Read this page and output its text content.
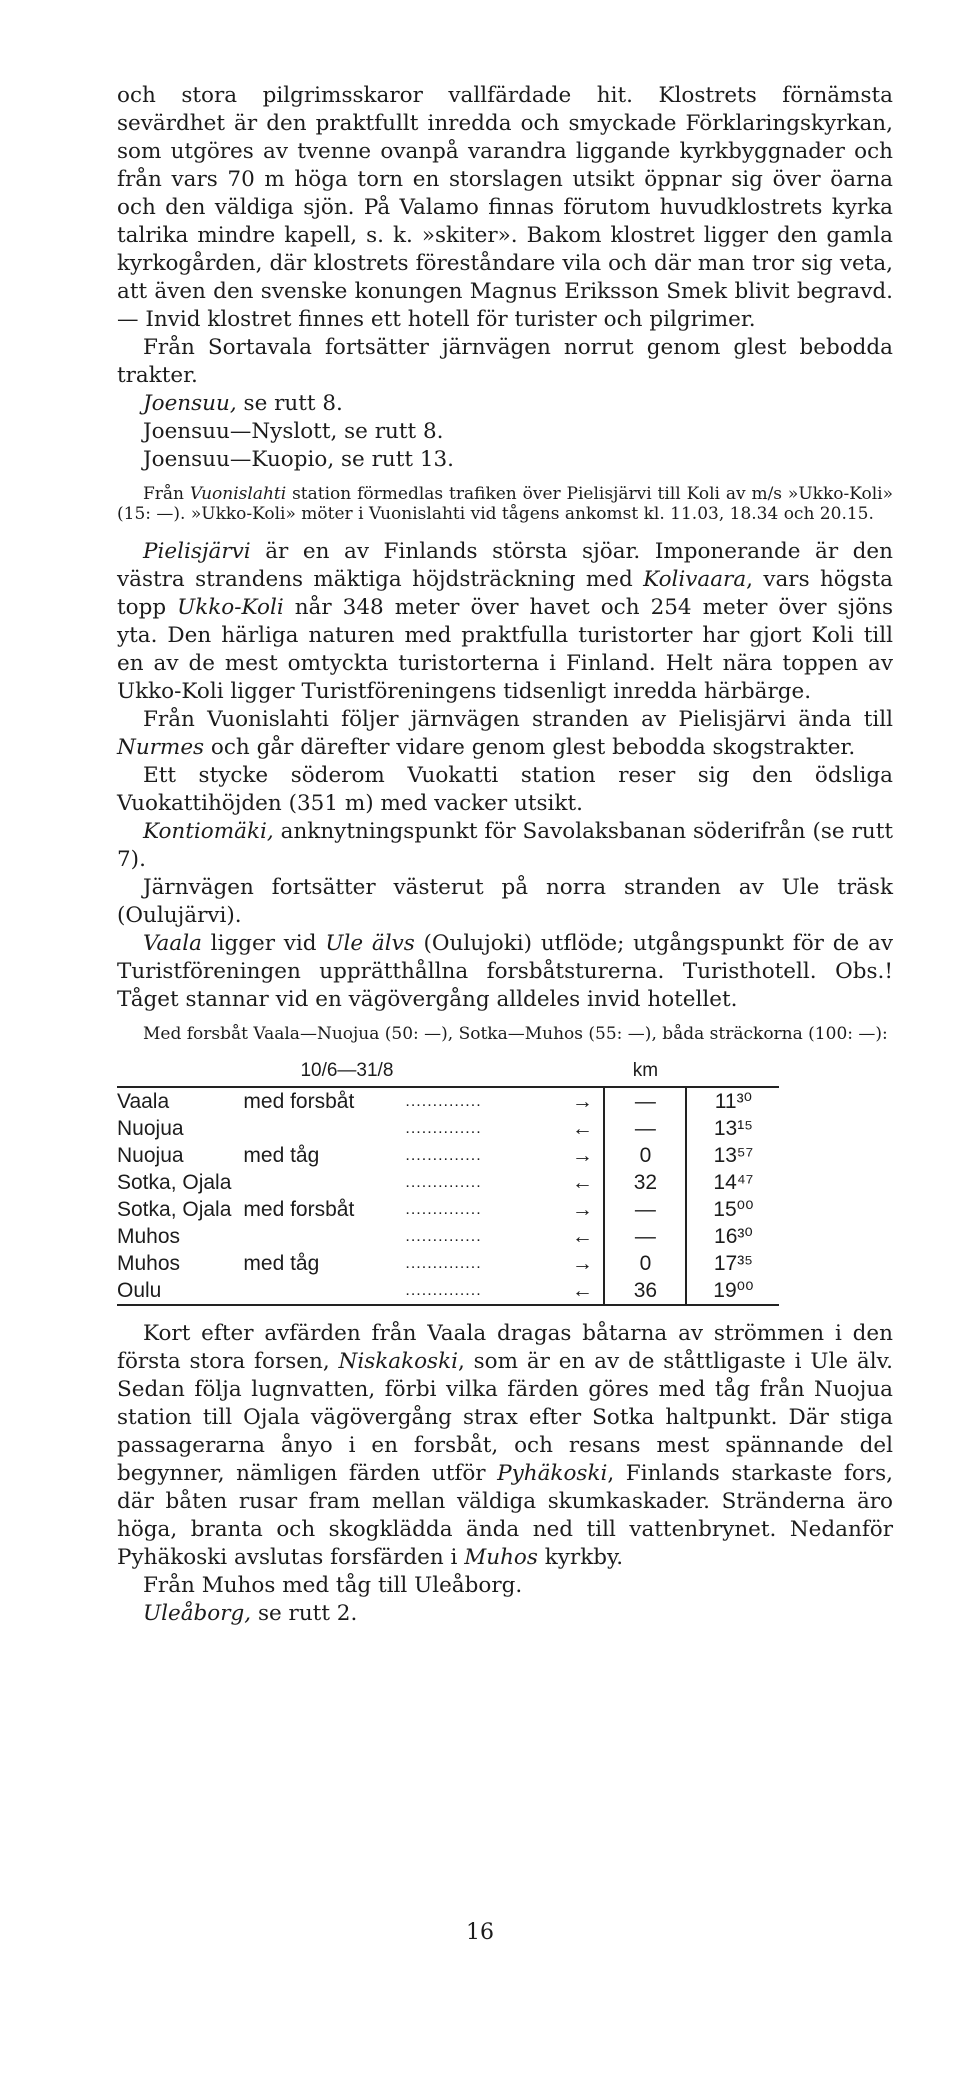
och stora pilgrimsskaror vallfärdade hit. Klostrets förnämsta sevärdhet är den praktfullt inredda och smyckade Förklaringskyrkan, som utgöres av tvenne ovanpå varandra liggande kyrkbyggnader och från vars 70 m höga torn en storslagen utsikt öppnar sig över öarna och den väldiga sjön. På Valamo finnas förutom huvudklostrets kyrka talrika mindre kapell, s. k. »skiter». Bakom klostret ligger den gamla kyrkogården, där klostrets föreståndare vila och där man tror sig veta, att även den svenske konungen Magnus Eriksson Smek blivit begravd. — Invid klostret finnes ett hotell för turister och pilgrimer.

Från Sortavala fortsätter järnvägen norrut genom glest bebodda trakter.

Joensuu, se rutt 8.

Joensuu—Nyslott, se rutt 8.

Joensuu—Kuopio, se rutt 13.

Från Vuonislahti station förmedlas trafiken över Pielisjärvi till Koli av m/s »Ukko-Koli» (15: —). »Ukko-Koli» möter i Vuonislahti vid tågens ankomst kl. 11.03, 18.34 och 20.15.

Pielisjärvi är en av Finlands största sjöar. Imponerande är den västra strandens mäktiga höjdsträckning med Kolivaara, vars högsta topp Ukko-Koli når 348 meter över havet och 254 meter över sjöns yta. Den härliga naturen med praktfulla turistorter har gjort Koli till en av de mest omtyckta turistorterna i Finland. Helt nära toppen av Ukko-Koli ligger Turistföreningens tidsenligt inredda härbärge.

Från Vuonislahti följer järnvägen stranden av Pielisjärvi ända till Nurmes och går därefter vidare genom glest bebodda skogstrakter.

Ett stycke söderom Vuokatti station reser sig den ödsliga Vuokattihöjden (351 m) med vacker utsikt.

Kontiomäki, anknytningspunkt för Savolaksbanan söderifrån (se rutt 7).

Järnvägen fortsätter västerut på norra stranden av Ule träsk (Oulujärvi).

Vaala ligger vid Ule älvs (Oulujoki) utflöde; utgångspunkt för de av Turistföreningen upprätthållna forsbåtsturerna. Turisthotell. Obs.! Tåget stannar vid en vägövergång alldeles invid hotellet.

Med forsbåt Vaala—Nuojua (50: —), Sotka—Muhos (55: —), båda sträckorna (100: —):

	10/6—31/8			km	
Vaala	med forsbåt	..............	→	—	11³⁰
Nuojua		..............	←	—	13¹⁵
Nuojua	med tåg	..............	→	0	13⁵⁷
Sotka, Ojala		..............	←	32	14⁴⁷
Sotka, Ojala	med forsbåt	..............	→	—	15⁰⁰
Muhos		..............	←	—	16³⁰
Muhos	med tåg	..............	→	0	17³⁵
Oulu		..............	←	36	19⁰⁰

Kort efter avfärden från Vaala dragas båtarna av strömmen i den första stora forsen, Niskakoski, som är en av de ståttligaste i Ule älv. Sedan följa lugnvatten, förbi vilka färden göres med tåg från Nuojua station till Ojala vägövergång strax efter Sotka haltpunkt. Där stiga passagerarna ånyo i en forsbåt, och resans mest spännande del begynner, nämligen färden utför Pyhäkoski, Finlands starkaste fors, där båten rusar fram mellan väldiga skumkaskader. Stränderna äro höga, branta och skogklädda ända ned till vattenbrynet. Nedanför Pyhäkoski avslutas forsfärden i Muhos kyrkby.

Från Muhos med tåg till Uleåborg.

Uleåborg, se rutt 2.

16
